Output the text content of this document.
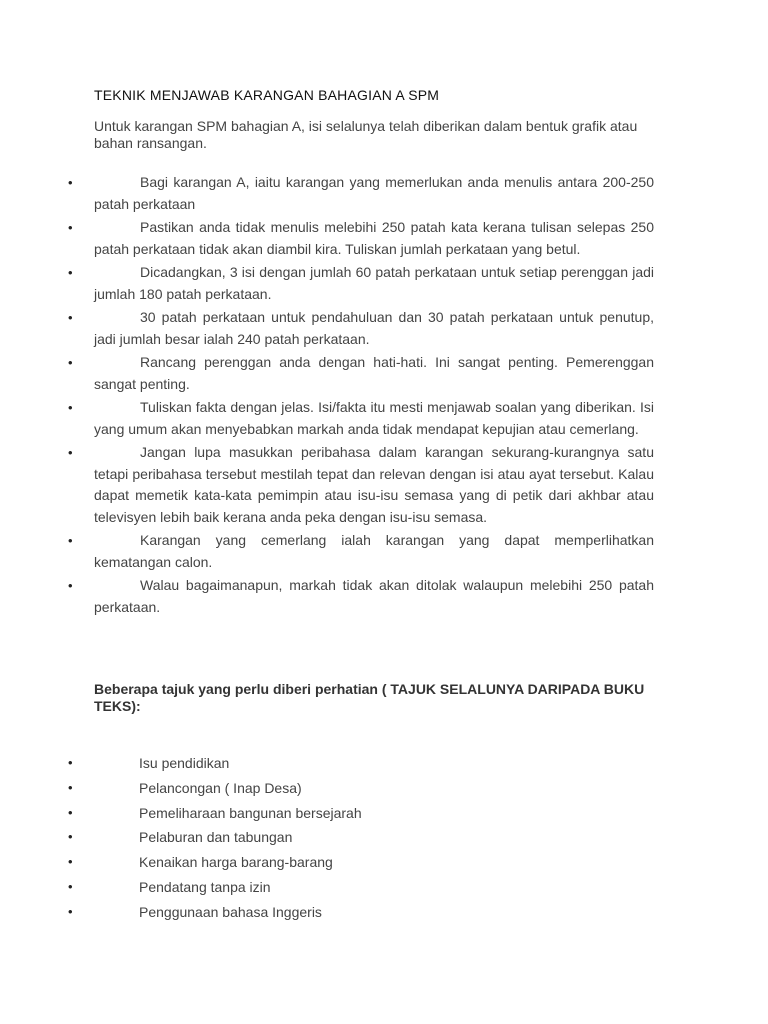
TEKNIK MENJAWAB KARANGAN BAHAGIAN A SPM
Untuk karangan SPM bahagian A, isi selalunya telah diberikan dalam bentuk grafik atau bahan ransangan.
•	Bagi karangan A, iaitu karangan yang memerlukan anda menulis antara 200-250 patah perkataan
•	Pastikan anda tidak menulis melebihi 250 patah kata kerana tulisan selepas 250 patah perkataan tidak akan diambil kira. Tuliskan jumlah perkataan yang betul.
•	Dicadangkan, 3 isi dengan jumlah 60 patah perkataan untuk setiap perenggan jadi jumlah 180 patah perkataan.
•	30 patah perkataan untuk pendahuluan dan 30 patah perkataan untuk penutup, jadi jumlah besar ialah 240 patah perkataan.
•	Rancang perenggan anda dengan hati-hati. Ini sangat penting. Pemerenggan sangat penting.
•	Tuliskan fakta dengan jelas. Isi/fakta itu mesti menjawab soalan yang diberikan. Isi yang umum akan menyebabkan markah anda tidak mendapat kepujian atau cemerlang.
•	Jangan lupa masukkan peribahasa dalam karangan sekurang-kurangnya satu tetapi peribahasa tersebut mestilah tepat dan relevan dengan isi atau ayat tersebut. Kalau dapat memetik kata-kata pemimpin atau isu-isu semasa yang di petik dari akhbar atau televisyen lebih baik kerana anda peka dengan isu-isu semasa.
•	Karangan yang cemerlang ialah karangan yang dapat memperlihatkan kematangan calon.
•	Walau bagaimanapun, markah tidak akan ditolak walaupun melebihi 250 patah perkataan.
Beberapa tajuk yang perlu diberi perhatian ( TAJUK SELALUNYA DARIPADA BUKU TEKS):
•	Isu pendidikan
•	Pelancongan ( Inap Desa)
•	Pemeliharaan bangunan bersejarah
•	Pelaburan dan tabungan
•	Kenaikan harga barang-barang
•	Pendatang tanpa izin
•	Penggunaan bahasa Inggeris
